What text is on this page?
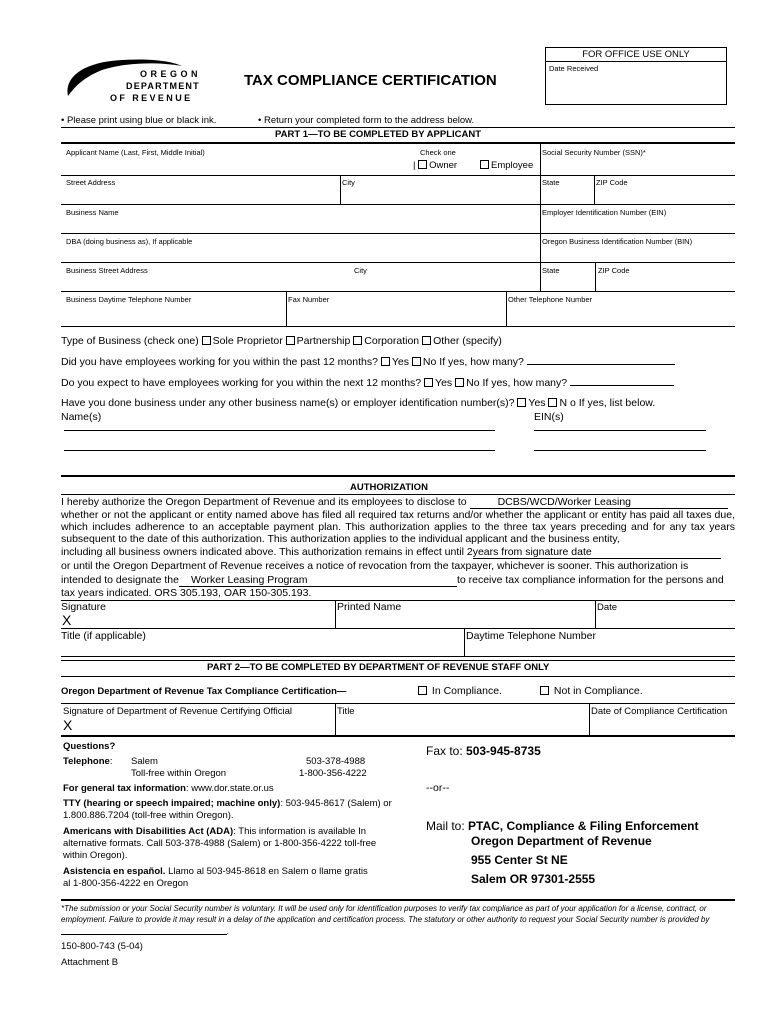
FOR OFFICE USE ONLY
Date Received
OREGON
DEPARTMENT
OF REVENUE
TAX COMPLIANCE CERTIFICATION
• Please print using blue or black ink.	• Return your completed form to the address below.
PART 1—TO BE COMPLETED BY APPLICANT
Applicant Name (Last, First, Middle Initial)	Check one
| Owner	Employee
Social Security Number (SSN)*
Street Address	City	State	ZIP Code
Business Name	Employer Identification Number (EIN)
DBA (doing business as), If applicable	Oregon Business Identification Number (BIN)
Business Street Address	City	State	ZIP Code
Business Daytime Telephone Number	Fax Number	Other Telephone Number
Type of Business (check one) Sole Proprietor Partnership Corporation Other (specify)
Did you have employees working for you within the past 12 months? Yes No If yes, how many?
Do you expect to have employees working for you within the next 12 months? Yes No If yes, how many?
Have you done business under any other business name(s) or employer identification number(s)? Yes N o If yes, list below.
Name(s)	EIN(s)
AUTHORIZATION
I hereby authorize the Oregon Department of Revenue and its employees to disclose to	DCBS/WCD/Worker Leasing
whether or not the applicant or entity named above has filed all required tax returns and/or whether the applicant or entity has paid all taxes due, which includes adherence to an acceptable payment plan. This authorization applies to the three tax years preceding and for any tax years subsequent to the date of this authorization. This authorization applies to the individual applicant and the business entity,
including all business owners indicated above. This authorization remains in effect until 2years from signature date
or until the Oregon Department of Revenue receives a notice of revocation from the taxpayer, whichever is sooner. This authorization is
intended to designate the Worker Leasing Program	to receive tax compliance information for the persons and
tax years indicated. ORS 305.193, OAR 150-305.193.
Signature
X
Printed Name	Date
Title (if applicable)	Daytime Telephone Number
PART 2—TO BE COMPLETED BY DEPARTMENT OF REVENUE STAFF ONLY
Oregon Department of Revenue Tax Compliance Certification—	In Compliance.	Not in Compliance.
Signature of Department of Revenue Certifying Official
X
Title	Date of Compliance Certification
Questions?
Telephone: Salem	503-378-4988
Toll-free within Oregon	1-800-356-4222
For general tax information: www.dor.state.or.us
TTY (hearing or speech impaired; machine only): 503-945-8617 (Salem) or 1.800.886.7204 (toll-free within Oregon).
Americans with Disabilities Act (ADA): This information is available In alternative formats. Call 503-378-4988 (Salem) or 1-800-356-4222 toll-free within Oregon).
Asistencia en español. Llamo al 503-945-8618 en Salem o llame gratis al 1-800-356-4222 en Oregon
Fax to: 503-945-8735
--or--
Mail to: PTAC, Compliance & Filing Enforcement
Oregon Department of Revenue
955 Center St NE
Salem OR 97301-2555
*The submission or your Social Security number is voluntary. It will be used only for identification purposes to verify tax compliance as part of your application for a license, contract, or employment. Failure to provide it may result in a delay of the application and certification process. The statutory or other authority to request your Social Security number is provided by.
150-800-743 (5-04)
Attachment B
